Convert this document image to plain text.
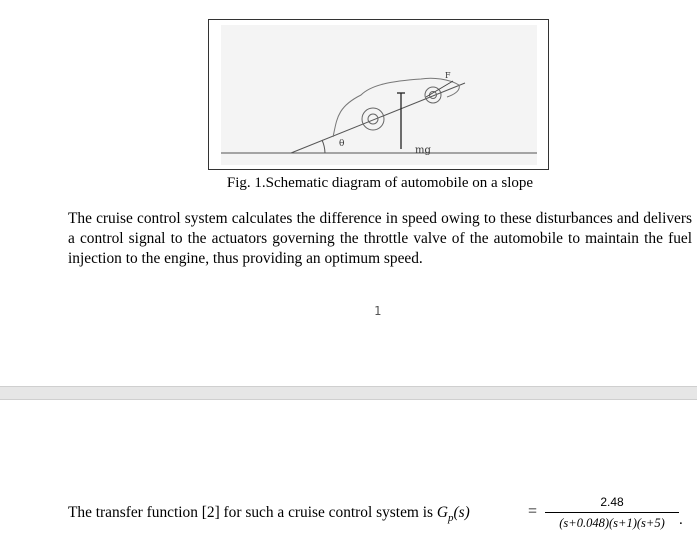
θ
mg
F
Fig. 1.Schematic diagram of automobile on a slope
The cruise control system calculates the difference in speed owing to these disturbances and delivers a control signal to the actuators governing the throttle valve of the automobile to maintain the fuel injection to the engine, thus providing an optimum speed.
1
The transfer function [2] for such a cruise control system is $G_p(s)$	=
2.48
(s+0.048)(s+1)(s+5) .
